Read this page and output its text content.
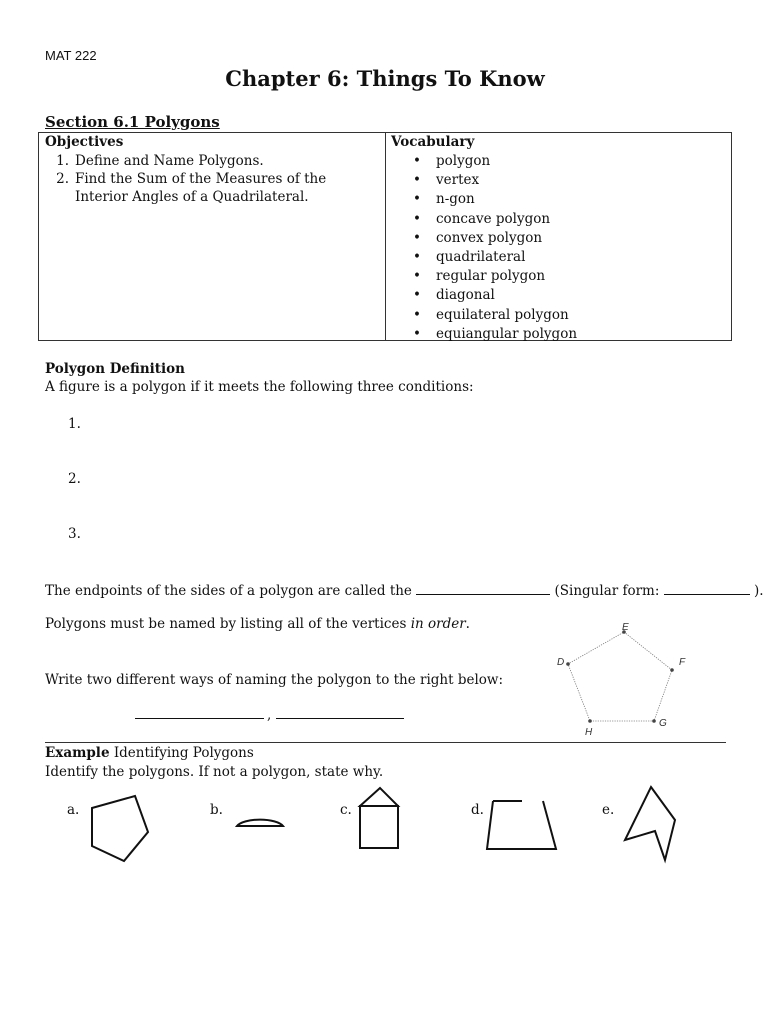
MAT 222
Chapter 6: Things To Know
Section 6.1 Polygons
Objectives
1. Define and Name Polygons.
2. Find the Sum of the Measures of the Interior Angles of a Quadrilateral.
Vocabulary
• polygon
• vertex
• n-gon
• concave polygon
• convex polygon
• quadrilateral
• regular polygon
• diagonal
• equilateral polygon
• equiangular polygon
Polygon Definition
A figure is a polygon if it meets the following three conditions:
1.
2.
3.
The endpoints of the sides of a polygon are called the	(Singular form:	).
Polygons must be named by listing all of the vertices in order.
Write two different ways of naming the polygon to the right below:
,
E
F
G
H
D
Example Identifying Polygons
Identify the polygons. If not a polygon, state why.
a.	b.	c.	d.	e.
